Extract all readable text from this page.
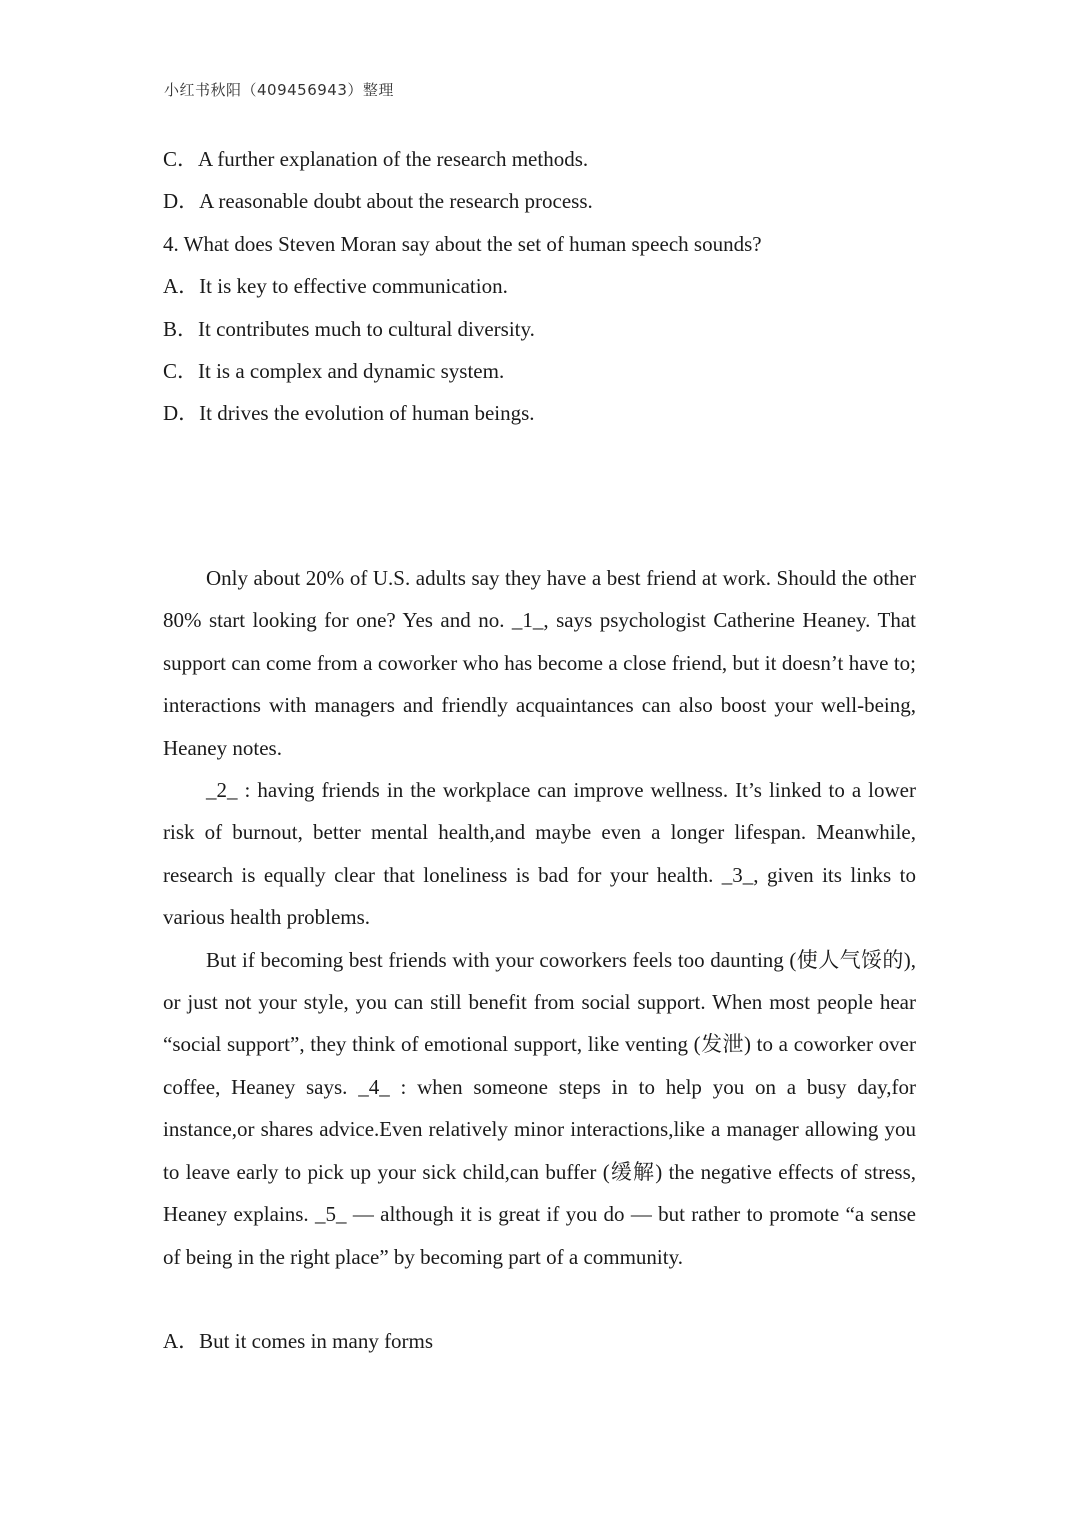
小红书秋阳（409456943）整理
C．A further explanation of the research methods.
D．A reasonable doubt about the research process.
4. What does Steven Moran say about the set of human speech sounds?
A．It is key to effective communication.
B．It contributes much to cultural diversity.
C．It is a complex and dynamic system.
D．It drives the evolution of human beings.

Only about 20% of U.S. adults say they have a best friend at work. Should the other 80% start looking for one? Yes and no. _1_, says psychologist Catherine Heaney. That support can come from a coworker who has become a close friend, but it doesn’t have to; interactions with managers and friendly acquaintances can also boost your well-being, Heaney notes.

_2_ : having friends in the workplace can improve wellness. It’s linked to a lower risk of burnout, better mental health,and maybe even a longer lifespan. Meanwhile, research is equally clear that loneliness is bad for your health. _3_, given its links to various health problems.

But if becoming best friends with your coworkers feels too daunting (使人气馁的), or just not your style, you can still benefit from social support. When most people hear “social support”, they think of emotional support, like venting (发泄) to a coworker over coffee, Heaney says. _4_ : when someone steps in to help you on a busy day,for instance,or shares advice.Even relatively minor interactions,like a manager allowing you to leave early to pick up your sick child,can buffer (缓解) the negative effects of stress, Heaney explains. _5_ — although it is great if you do — but rather to promote “a sense of being in the right place” by becoming part of a community.

A．But it comes in many forms
